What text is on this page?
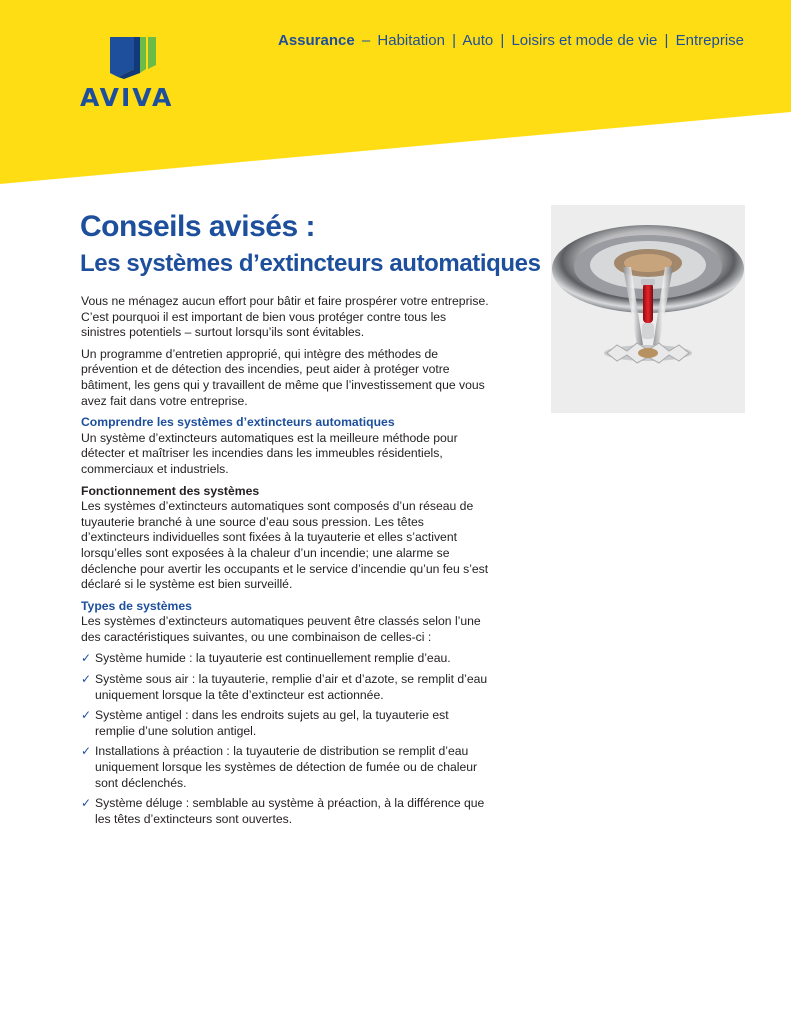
AVIVA
Assurance – Habitation | Auto | Loisirs et mode de vie | Entreprise
Conseils avisés :
Les systèmes d’extincteurs automatiques

Vous ne ménagez aucun effort pour bâtir et faire prospérer votre entreprise. C’est pourquoi il est important de bien vous protéger contre tous les sinistres potentiels – surtout lorsqu’ils sont évitables.

Un programme d’entretien approprié, qui intègre des méthodes de prévention et de détection des incendies, peut aider à protéger votre bâtiment, les gens qui y travaillent de même que l’investissement que vous avez fait dans votre entreprise.

Comprendre les systèmes d’extincteurs automatiques
Un système d’extincteurs automatiques est la meilleure méthode pour détecter et maîtriser les incendies dans les immeubles résidentiels, commerciaux et industriels.
Fonctionnement des systèmes
Les systèmes d’extincteurs automatiques sont composés d’un réseau de tuyauterie branché à une source d’eau sous pression. Les têtes d’extincteurs individuelles sont fixées à la tuyauterie et elles s’activent lorsqu’elles sont exposées à la chaleur d’un incendie; une alarme se déclenche pour avertir les occupants et le service d’incendie qu’un feu s’est déclaré si le système est bien surveillé.
Types de systèmes
Les systèmes d’extincteurs automatiques peuvent être classés selon l’une des caractéristiques suivantes, ou une combinaison de celles-ci :
✓ Système humide : la tuyauterie est continuellement remplie d’eau.
✓ Système sous air : la tuyauterie, remplie d’air et d’azote, se remplit d’eau uniquement lorsque la tête d’extincteur est actionnée.
✓ Système antigel : dans les endroits sujets au gel, la tuyauterie est remplie d’une solution antigel.
✓ Installations à préaction : la tuyauterie de distribution se remplit d’eau uniquement lorsque les systèmes de détection de fumée ou de chaleur sont déclenchés.
✓ Système déluge : semblable au système à préaction, à la différence que les têtes d’extincteurs sont ouvertes.
